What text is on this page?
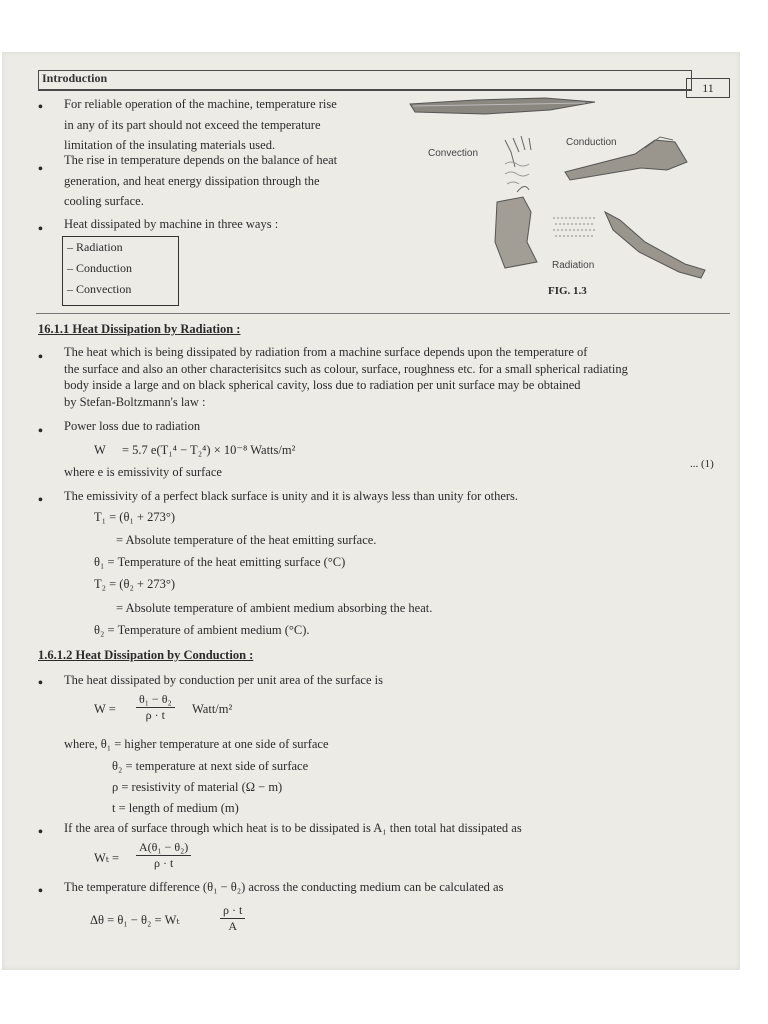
Introduction
11
• For reliable operation of the machine, temperature rise
in any of its part should not exceed the temperature
limitation of the insulating materials used.
•
The rise in temperature depends on the balance of heat
generation, and heat energy dissipation through the
cooling surface.
• Heat dissipated by machine in three ways :
– Radiation
– Conduction
– Convection
Convection
Conduction
Radiation
FIG. 1.3
16.1.1 Heat Dissipation by Radiation :
• The heat which is being dissipated by radiation from a machine surface depends upon the temperature of
the surface and also an other characterisitcs such as colour, surface, roughness etc. for a small spherical radiating
body inside a large and on black spherical cavity, loss due to radiation per unit surface may be obtained
by Stefan-Boltzmann's law :
• Power loss due to radiation
W = 5.7 e(T₁⁴ − T₂⁴) × 10⁻⁸ Watts/m²
... (1)
where e is emissivity of surface
• The emissivity of a perfect black surface is unity and it is always less than unity for others.
T₁ = (θ₁ + 273°)
= Absolute temperature of the heat emitting surface.
θ₁ = Temperature of the heat emitting surface (°C)
T₂ = (θ₂ + 273°)
= Absolute temperature of ambient medium absorbing the heat.
θ₂ = Temperature of ambient medium (°C).
1.6.1.2 Heat Dissipation by Conduction :
• The heat dissipated by conduction per unit area of the surface is
$W = \frac{\text{θ₁ − θ₂}}{\rho \cdot t}$ Watt/m²
where, θ₁ = higher temperature at one side of surface
θ₂ = temperature at next side of surface
ρ = resistivity of material (Ω − m)
t = length of medium (m)
• If the area of surface through which heat is to be dissipated is A₁ then total hat dissipated as
$W_t = \frac{\text{A(θ₁ − θ₂)}}{\rho \cdot t}$
• The temperature difference (θ₁ − θ₂) across the conducting medium can be calculated as
Δθ = θ₁ − θ₂ = Wₜ	$\frac{\rho \cdot t}{A}$
